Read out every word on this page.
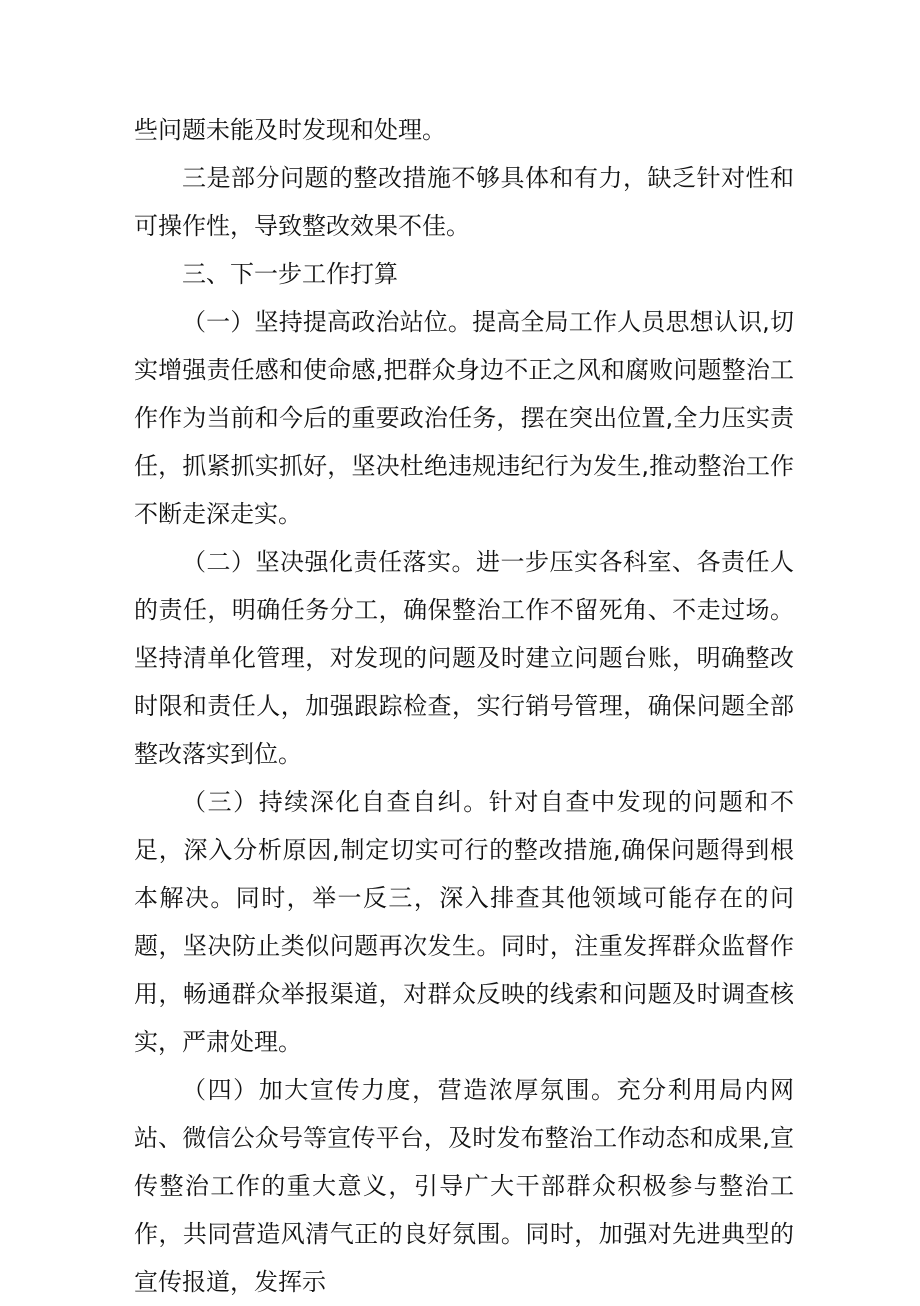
些问题未能及时发现和处理。

三是部分问题的整改措施不够具体和有力，缺乏针对性和可操作性，导致整改效果不佳。

三、下一步工作打算

（一）坚持提高政治站位。提高全局工作人员思想认识,切实增强责任感和使命感,把群众身边不正之风和腐败问题整治工作作为当前和今后的重要政治任务，摆在突出位置,全力压实责任，抓紧抓实抓好，坚决杜绝违规违纪行为发生,推动整治工作不断走深走实。

（二）坚决强化责任落实。进一步压实各科室、各责任人的责任，明确任务分工，确保整治工作不留死角、不走过场。坚持清单化管理，对发现的问题及时建立问题台账，明确整改时限和责任人，加强跟踪检查，实行销号管理，确保问题全部整改落实到位。

（三）持续深化自查自纠。针对自查中发现的问题和不足，深入分析原因,制定切实可行的整改措施,确保问题得到根本解决。同时，举一反三，深入排查其他领域可能存在的问题，坚决防止类似问题再次发生。同时，注重发挥群众监督作用，畅通群众举报渠道，对群众反映的线索和问题及时调查核实，严肃处理。

（四）加大宣传力度，营造浓厚氛围。充分利用局内网站、微信公众号等宣传平台，及时发布整治工作动态和成果,宣传整治工作的重大意义，引导广大干部群众积极参与整治工作，共同营造风清气正的良好氛围。同时，加强对先进典型的宣传报道，发挥示
